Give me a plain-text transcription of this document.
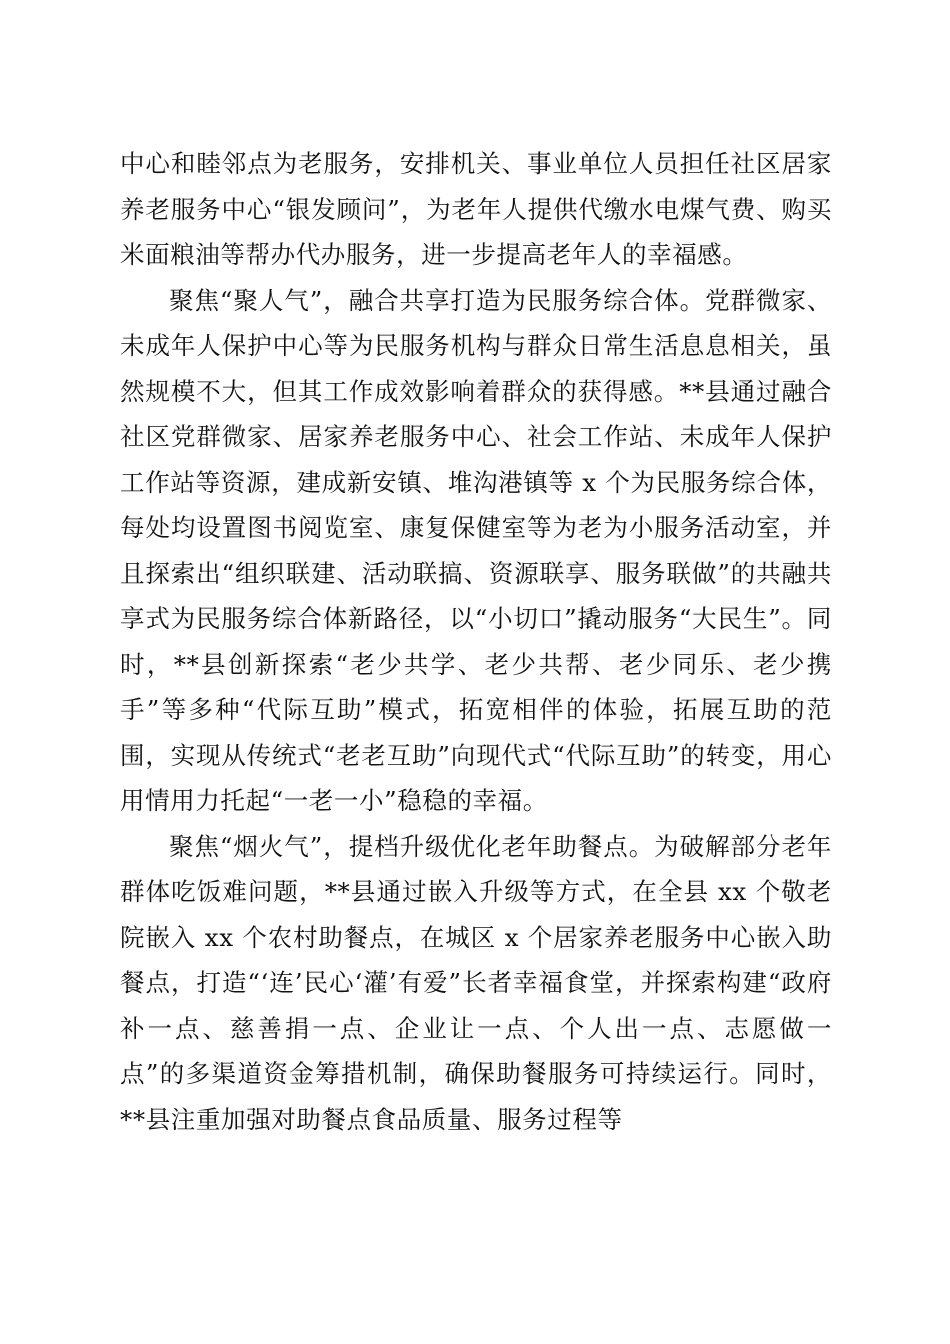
中心和睦邻点为老服务，安排机关、事业单位人员担任社区居家养老服务中心“银发顾问”，为老年人提供代缴水电煤气费、购买米面粮油等帮办代办服务，进一步提高老年人的幸福感。

聚焦“聚人气”，融合共享打造为民服务综合体。党群微家、未成年人保护中心等为民服务机构与群众日常生活息息相关，虽然规模不大，但其工作成效影响着群众的获得感。**县通过融合社区党群微家、居家养老服务中心、社会工作站、未成年人保护工作站等资源，建成新安镇、堆沟港镇等 x 个为民服务综合体，每处均设置图书阅览室、康复保健室等为老为小服务活动室，并且探索出“组织联建、活动联搞、资源联享、服务联做”的共融共享式为民服务综合体新路径，以“小切口”撬动服务“大民生”。同时，**县创新探索“老少共学、老少共帮、老少同乐、老少携手”等多种“代际互助”模式，拓宽相伴的体验，拓展互助的范围，实现从传统式“老老互助”向现代式“代际互助”的转变，用心用情用力托起“一老一小”稳稳的幸福。

聚焦“烟火气”，提档升级优化老年助餐点。为破解部分老年群体吃饭难问题，**县通过嵌入升级等方式，在全县 xx 个敬老院嵌入 xx 个农村助餐点，在城区 x 个居家养老服务中心嵌入助餐点，打造“‘连’民心‘灌’有爱”长者幸福食堂，并探索构建“政府补一点、慈善捐一点、企业让一点、个人出一点、志愿做一点”的多渠道资金筹措机制，确保助餐服务可持续运行。同时，**县注重加强对助餐点食品质量、服务过程等
